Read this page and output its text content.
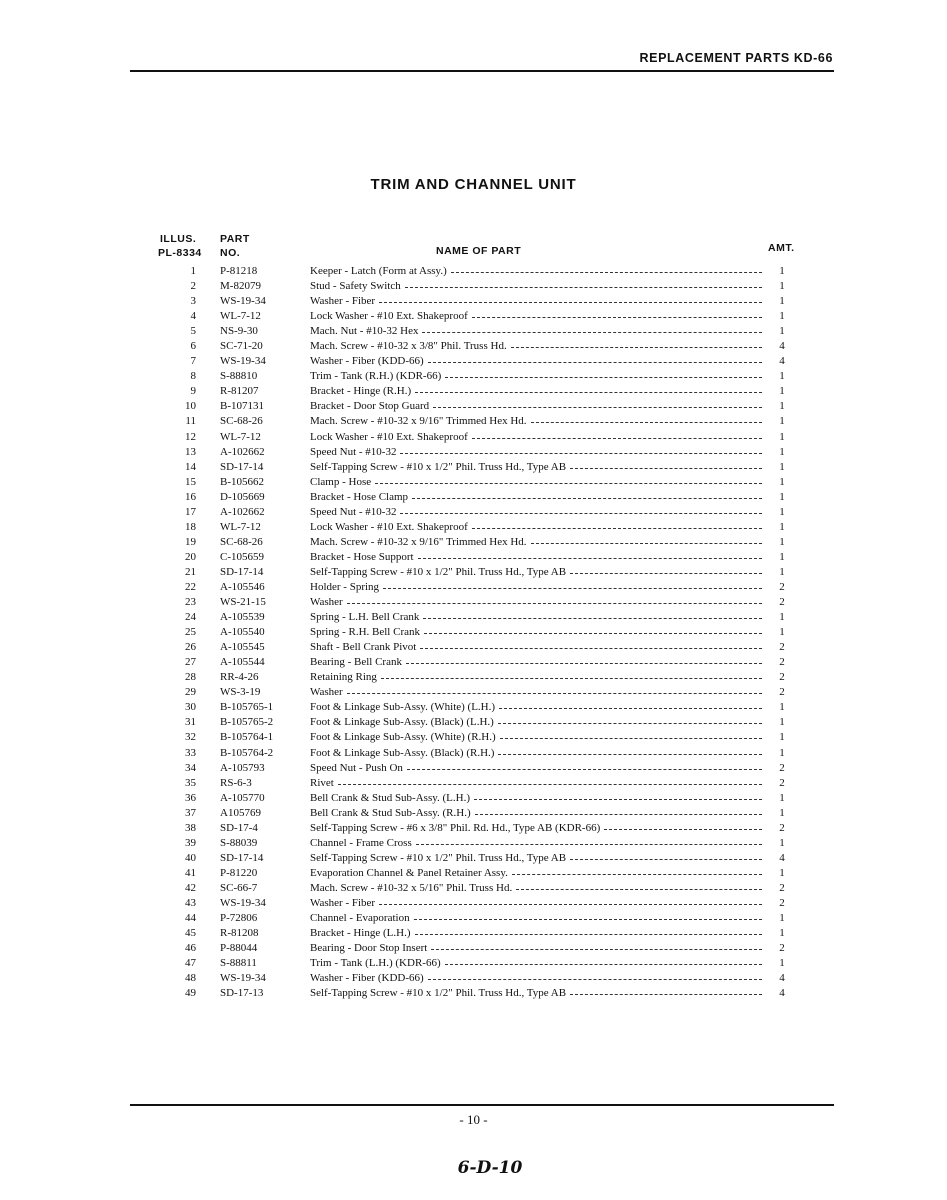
REPLACEMENT PARTS KD-66
TRIM AND CHANNEL UNIT
ILLUS.
PL-8334
PART
NO.	NAME OF PART	AMT.
1 P-81218	Keeper - Latch (Form at Assy.)	1
2 M-82079	Stud - Safety Switch	1
3 WS-19-34	Washer - Fiber	1
4 WL-7-12	Lock Washer - #10 Ext. Shakeproof	1
5 NS-9-30	Mach. Nut - #10-32 Hex	1
6 SC-71-20	Mach. Screw - #10-32 x 3/8" Phil. Truss Hd.	4
7 WS-19-34	Washer - Fiber (KDD-66)	4
8 S-88810	Trim - Tank (R.H.) (KDR-66)	1
9 R-81207	Bracket - Hinge (R.H.)	1
10 B-107131	Bracket - Door Stop Guard	1
11 SC-68-26	Mach. Screw - #10-32 x 9/16" Trimmed Hex Hd.	1
12 WL-7-12	Lock Washer - #10 Ext. Shakeproof	1
13 A-102662	Speed Nut - #10-32	1
14 SD-17-14	Self-Tapping Screw - #10 x 1/2" Phil. Truss Hd., Type AB	1
15 B-105662	Clamp - Hose	1
16 D-105669	Bracket - Hose Clamp	1
17 A-102662	Speed Nut - #10-32	1
18 WL-7-12	Lock Washer - #10 Ext. Shakeproof	1
19 SC-68-26	Mach. Screw - #10-32 x 9/16" Trimmed Hex Hd.	1
20 C-105659	Bracket - Hose Support	1
21 SD-17-14	Self-Tapping Screw - #10 x 1/2" Phil. Truss Hd., Type AB	1
22 A-105546	Holder - Spring	2
23 WS-21-15	Washer	2
24 A-105539	Spring - L.H. Bell Crank	1
25 A-105540	Spring - R.H. Bell Crank	1
26 A-105545	Shaft - Bell Crank Pivot	2
27 A-105544	Bearing - Bell Crank	2
28 RR-4-26	Retaining Ring	2
29 WS-3-19	Washer	2
30 B-105765-1	Foot & Linkage Sub-Assy. (White) (L.H.)	1
31 B-105765-2	Foot & Linkage Sub-Assy. (Black) (L.H.)	1
32 B-105764-1	Foot & Linkage Sub-Assy. (White) (R.H.)	1
33 B-105764-2	Foot & Linkage Sub-Assy. (Black) (R.H.)	1
34 A-105793	Speed Nut - Push On	2
35 RS-6-3	Rivet	2
36 A-105770	Bell Crank & Stud Sub-Assy. (L.H.)	1
37 A105769	Bell Crank & Stud Sub-Assy. (R.H.)	1
38 SD-17-4	Self-Tapping Screw - #6 x 3/8" Phil. Rd. Hd., Type AB (KDR-66)	2
39 S-88039	Channel - Frame Cross	1
40 SD-17-14	Self-Tapping Screw - #10 x 1/2" Phil. Truss Hd., Type AB	4
41 P-81220	Evaporation Channel & Panel Retainer Assy.	1
42 SC-66-7	Mach. Screw - #10-32 x 5/16" Phil. Truss Hd.	2
43 WS-19-34	Washer - Fiber	2
44 P-72806	Channel - Evaporation	1
45 R-81208	Bracket - Hinge (L.H.)	1
46 P-88044	Bearing - Door Stop Insert	2
47 S-88811	Trim - Tank (L.H.) (KDR-66)	1
48 WS-19-34	Washer - Fiber (KDD-66)	4
49 SD-17-13	Self-Tapping Screw - #10 x 1/2" Phil. Truss Hd., Type AB	4
- 10 -
6-D-10
